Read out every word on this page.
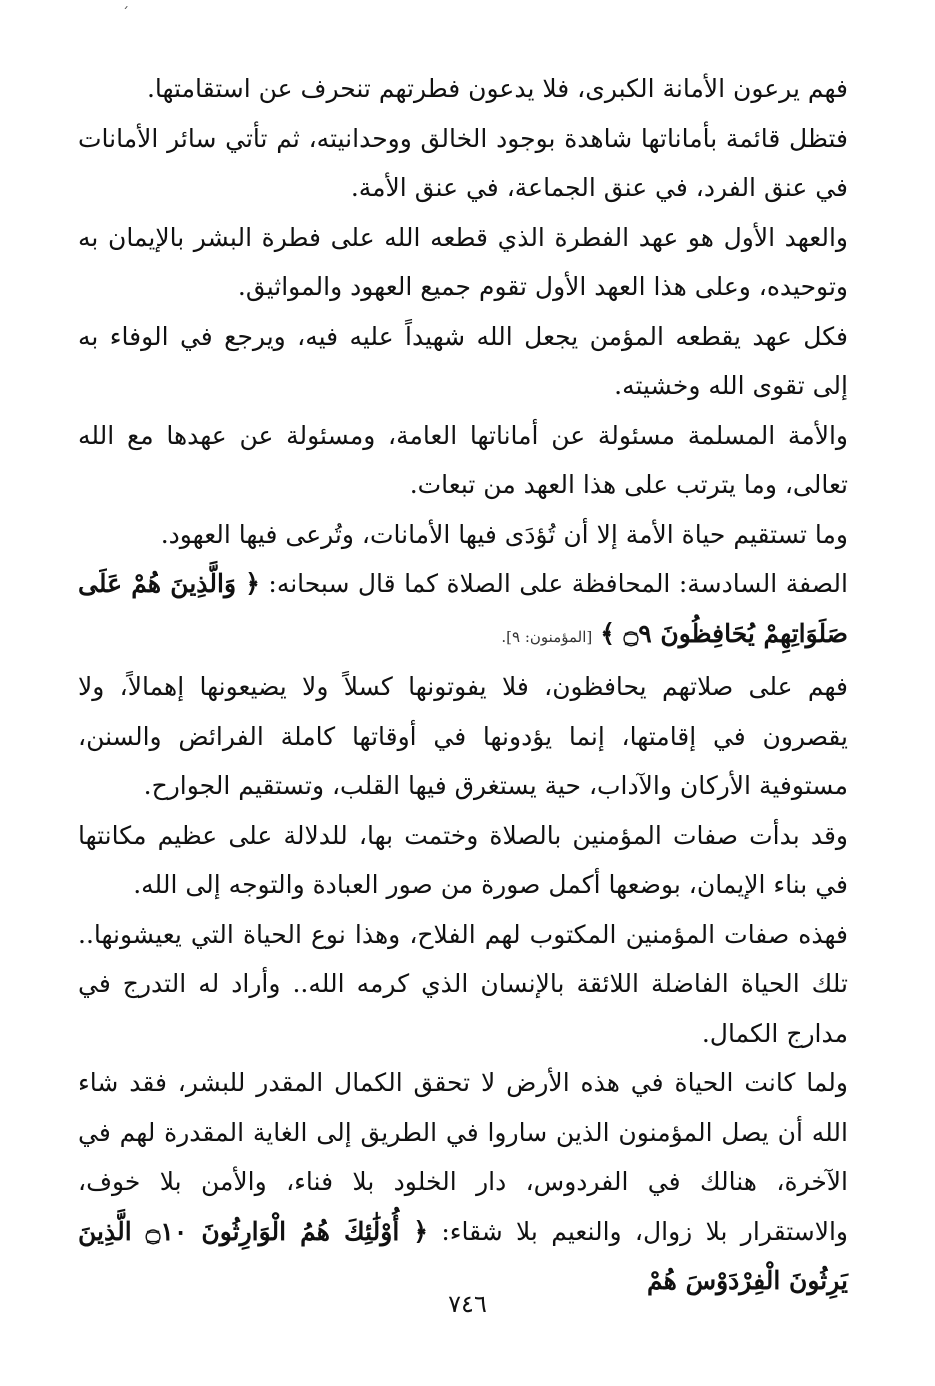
ˊ

فهم يرعون الأمانة الكبرى، فلا يدعون فطرتهم تنحرف عن استقامتها.

فتظل قائمة بأماناتها شاهدة بوجود الخالق ووحدانيته، ثم تأتي سائر الأمانات في عنق الفرد، في عنق الجماعة، في عنق الأمة.

والعهد الأول هو عهد الفطرة الذي قطعه الله على فطرة البشر بالإيمان به وتوحيده، وعلى هذا العهد الأول تقوم جميع العهود والمواثيق.

فكل عهد يقطعه المؤمن يجعل الله شهيداً عليه فيه، ويرجع في الوفاء به إلى تقوى الله وخشيته.

والأمة المسلمة مسئولة عن أماناتها العامة، ومسئولة عن عهدها مع الله تعالى، وما يترتب على هذا العهد من تبعات.

وما تستقيم حياة الأمة إلا أن تُؤدَى فيها الأمانات، وتُرعى فيها العهود.

الصفة السادسة: المحافظة على الصلاة كما قال سبحانه: ﴿ وَالَّذِينَ هُمْ عَلَى صَلَوَاتِهِمْ يُحَافِظُونَ ۝٩ ﴾ [المؤمنون: ٩].

فهم على صلاتهم يحافظون، فلا يفوتونها كسلاً ولا يضيعونها إهمالاً، ولا يقصرون في إقامتها، إنما يؤدونها في أوقاتها كاملة الفرائض والسنن، مستوفية الأركان والآداب، حية يستغرق فيها القلب، وتستقيم الجوارح.

وقد بدأت صفات المؤمنين بالصلاة وختمت بها، للدلالة على عظيم مكانتها في بناء الإيمان، بوضعها أكمل صورة من صور العبادة والتوجه إلى الله.

فهذه صفات المؤمنين المكتوب لهم الفلاح، وهذا نوع الحياة التي يعيشونها.. تلك الحياة الفاضلة اللائقة بالإنسان الذي كرمه الله.. وأراد له التدرج في مدارج الكمال.

ولما كانت الحياة في هذه الأرض لا تحقق الكمال المقدر للبشر، فقد شاء الله أن يصل المؤمنون الذين ساروا في الطريق إلى الغاية المقدرة لهم في الآخرة، هنالك في الفردوس، دار الخلود بلا فناء، والأمن بلا خوف، والاستقرار بلا زوال، والنعيم بلا شقاء: ﴿ أُوْلَٰئِكَ هُمُ الْوَارِثُونَ ۝١٠ الَّذِينَ يَرِثُونَ الْفِرْدَوْسَ هُمْ

٧٤٦
